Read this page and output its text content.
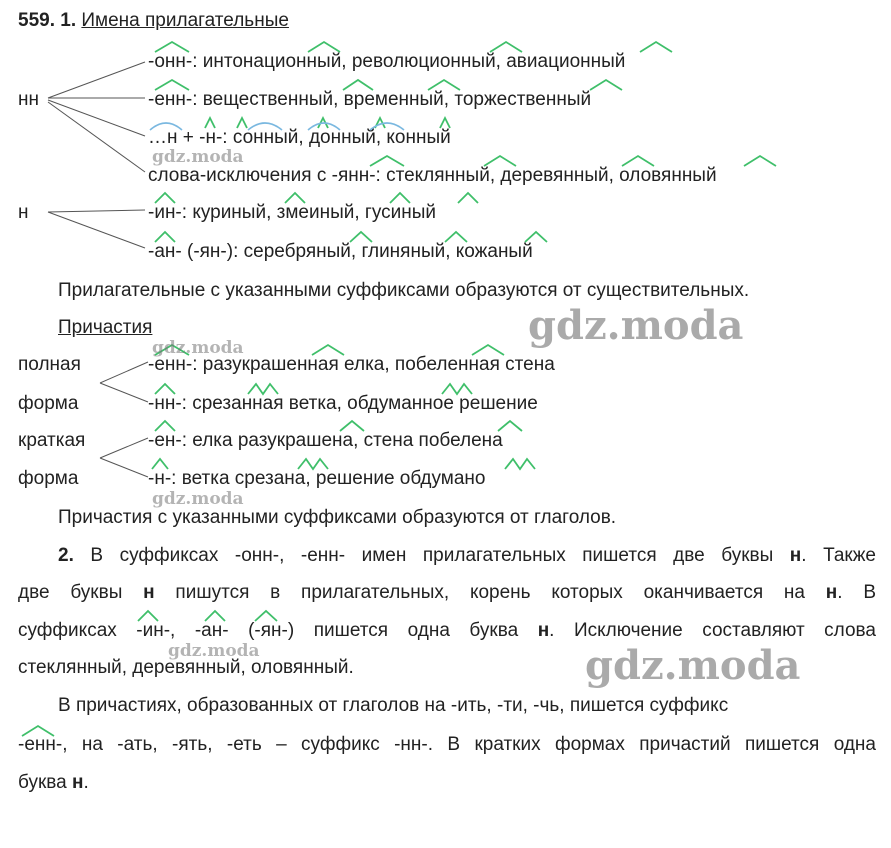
559. 1. Имена прилагательные
нн
н
-онн-: интонационный, революционный, авиационный
-енн-: вещественный, временный, торжественный
…н + -н-: сонный, донный, конный
слова-исключения с -янн-: стеклянный, деревянный, оловянный
-ин-: куриный, змеиный, гусиный
-ан- (-ян-): серебряный, глиняный, кожаный
Прилагательные с указанными суффиксами образуются от существительных.
Причастия
полная
форма
краткая
форма
-енн-: разукрашенная елка, побеленная стена
-нн-: срезанная ветка, обдуманное решение
-ен-: елка разукрашена, стена побелена
-н-: ветка срезана, решение обдумано
Причастия с указанными суффиксами образуются от глаголов.
2. В суффиксах -онн-, -енн- имен прилагательных пишется две буквы н. Также
две буквы н пишутся в прилагательных, корень которых оканчивается на н. В
суффиксах -ин-, -ан- (-ян-) пишется одна буква н. Исключение составляют слова
стеклянный, деревянный, оловянный.
В причастиях, образованных от глаголов на -ить, -ти, -чь, пишется суффикс
-енн-, на -ать, -ять, -еть – суффикс -нн-. В кратких формах причастий пишется одна
буква н.
gdz.moda
gdz.moda
gdz.moda
gdz.moda
gdz.moda
gdz.moda
